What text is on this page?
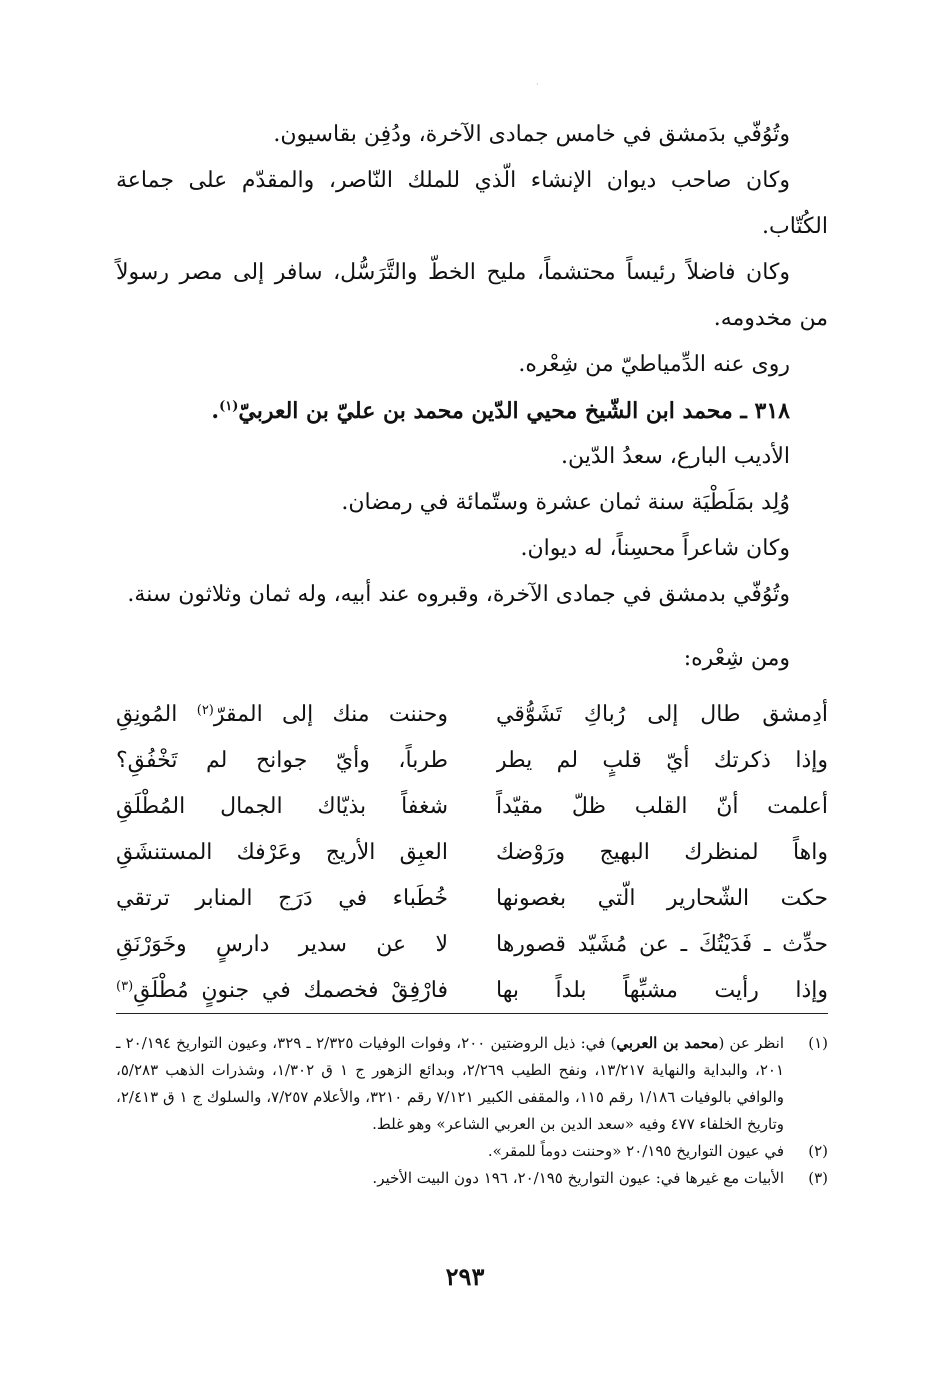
·

وتُوُفّي بدَمشق في خامس جمادى الآخرة، ودُفِن بقاسيون.

وكان صاحب ديوان الإنشاء الّذي للملك النّاصر، والمقدّم على جماعة الكُتّاب.

وكان فاضلاً رئيساً محتشماً، مليح الخطّ والتَّرَسُّل، سافر إلى مصر رسولاً من مخدومه.

روى عنه الدِّمياطيّ من شِعْره.

٣١٨ ـ محمد ابن الشّيخ محيي الدّين محمد بن عليّ بن العربيّ$^{(١)}$.

الأديب البارع، سعدُ الدّين.

وُلِد بمَلَطْيَة سنة ثمان عشرة وستّمائة في رمضان.

وكان شاعراً محسِناً، له ديوان.

وتُوُفّي بدمشق في جمادى الآخرة، وقبروه عند أبيه، وله ثمان وثلاثون سنة.

ومن شِعْره:

أدِمشق طال إلى رُباكِ تَشَوُّقي
وحننت منك إلى المقرّ$^{(٢)}$ المُونِقِ
وإذا ذكرتك أيّ قلبٍ لم يطر
طرباً، وأيّ جوانح لم تَخْفُقِ؟
أعلمت أنّ القلب ظلّ مقيّداً
شغفاً بذيّاك الجمال المُطْلَقِ
واهاً لمنظرك البهيج ورَوْضك
العبِق الأريج وعَرْفك المستنشَقِ
حكت الشّحارير الّتي بغصونها
خُطَباء في دَرَج المنابر ترتقي
حدِّث ـ فَدَيْتُكَ ـ عن مُشَيّد قصورها
لا عن سدير دارسٍ وخَوَرْنَقِ
وإذا رأيت مشبِّهاً بلداً بها
فارْفِقْ فخصمك في جنونٍ مُطْلَقِ$^{(٣)}$
(١)
انظر عن (محمد بن العربي) في: ذيل الروضتين ٢٠٠، وفوات الوفيات ٢/٣٢٥ ـ ٣٢٩، وعيون التواريخ ٢٠/١٩٤ ـ ٢٠١، والبداية والنهاية ١٣/٢١٧، ونفح الطيب ٢/٢٦٩، وبدائع الزهور ج ١ ق ١/٣٠٢، وشذرات الذهب ٥/٢٨٣، والوافي بالوفيات ١/١٨٦ رقم ١١٥، والمقفى الكبير ٧/١٢١ رقم ٣٢١٠، والأعلام ٧/٢٥٧، والسلوك ج ١ ق ٢/٤١٣، وتاريخ الخلفاء ٤٧٧ وفيه «سعد الدين بن العربي الشاعر» وهو غلط.
(٢)
في عيون التواريخ ٢٠/١٩٥ «وحننت دوماً للمقر».
(٣)
الأبيات مع غيرها في: عيون التواريخ ٢٠/١٩٥، ١٩٦ دون البيت الأخير.
٢٩٣
